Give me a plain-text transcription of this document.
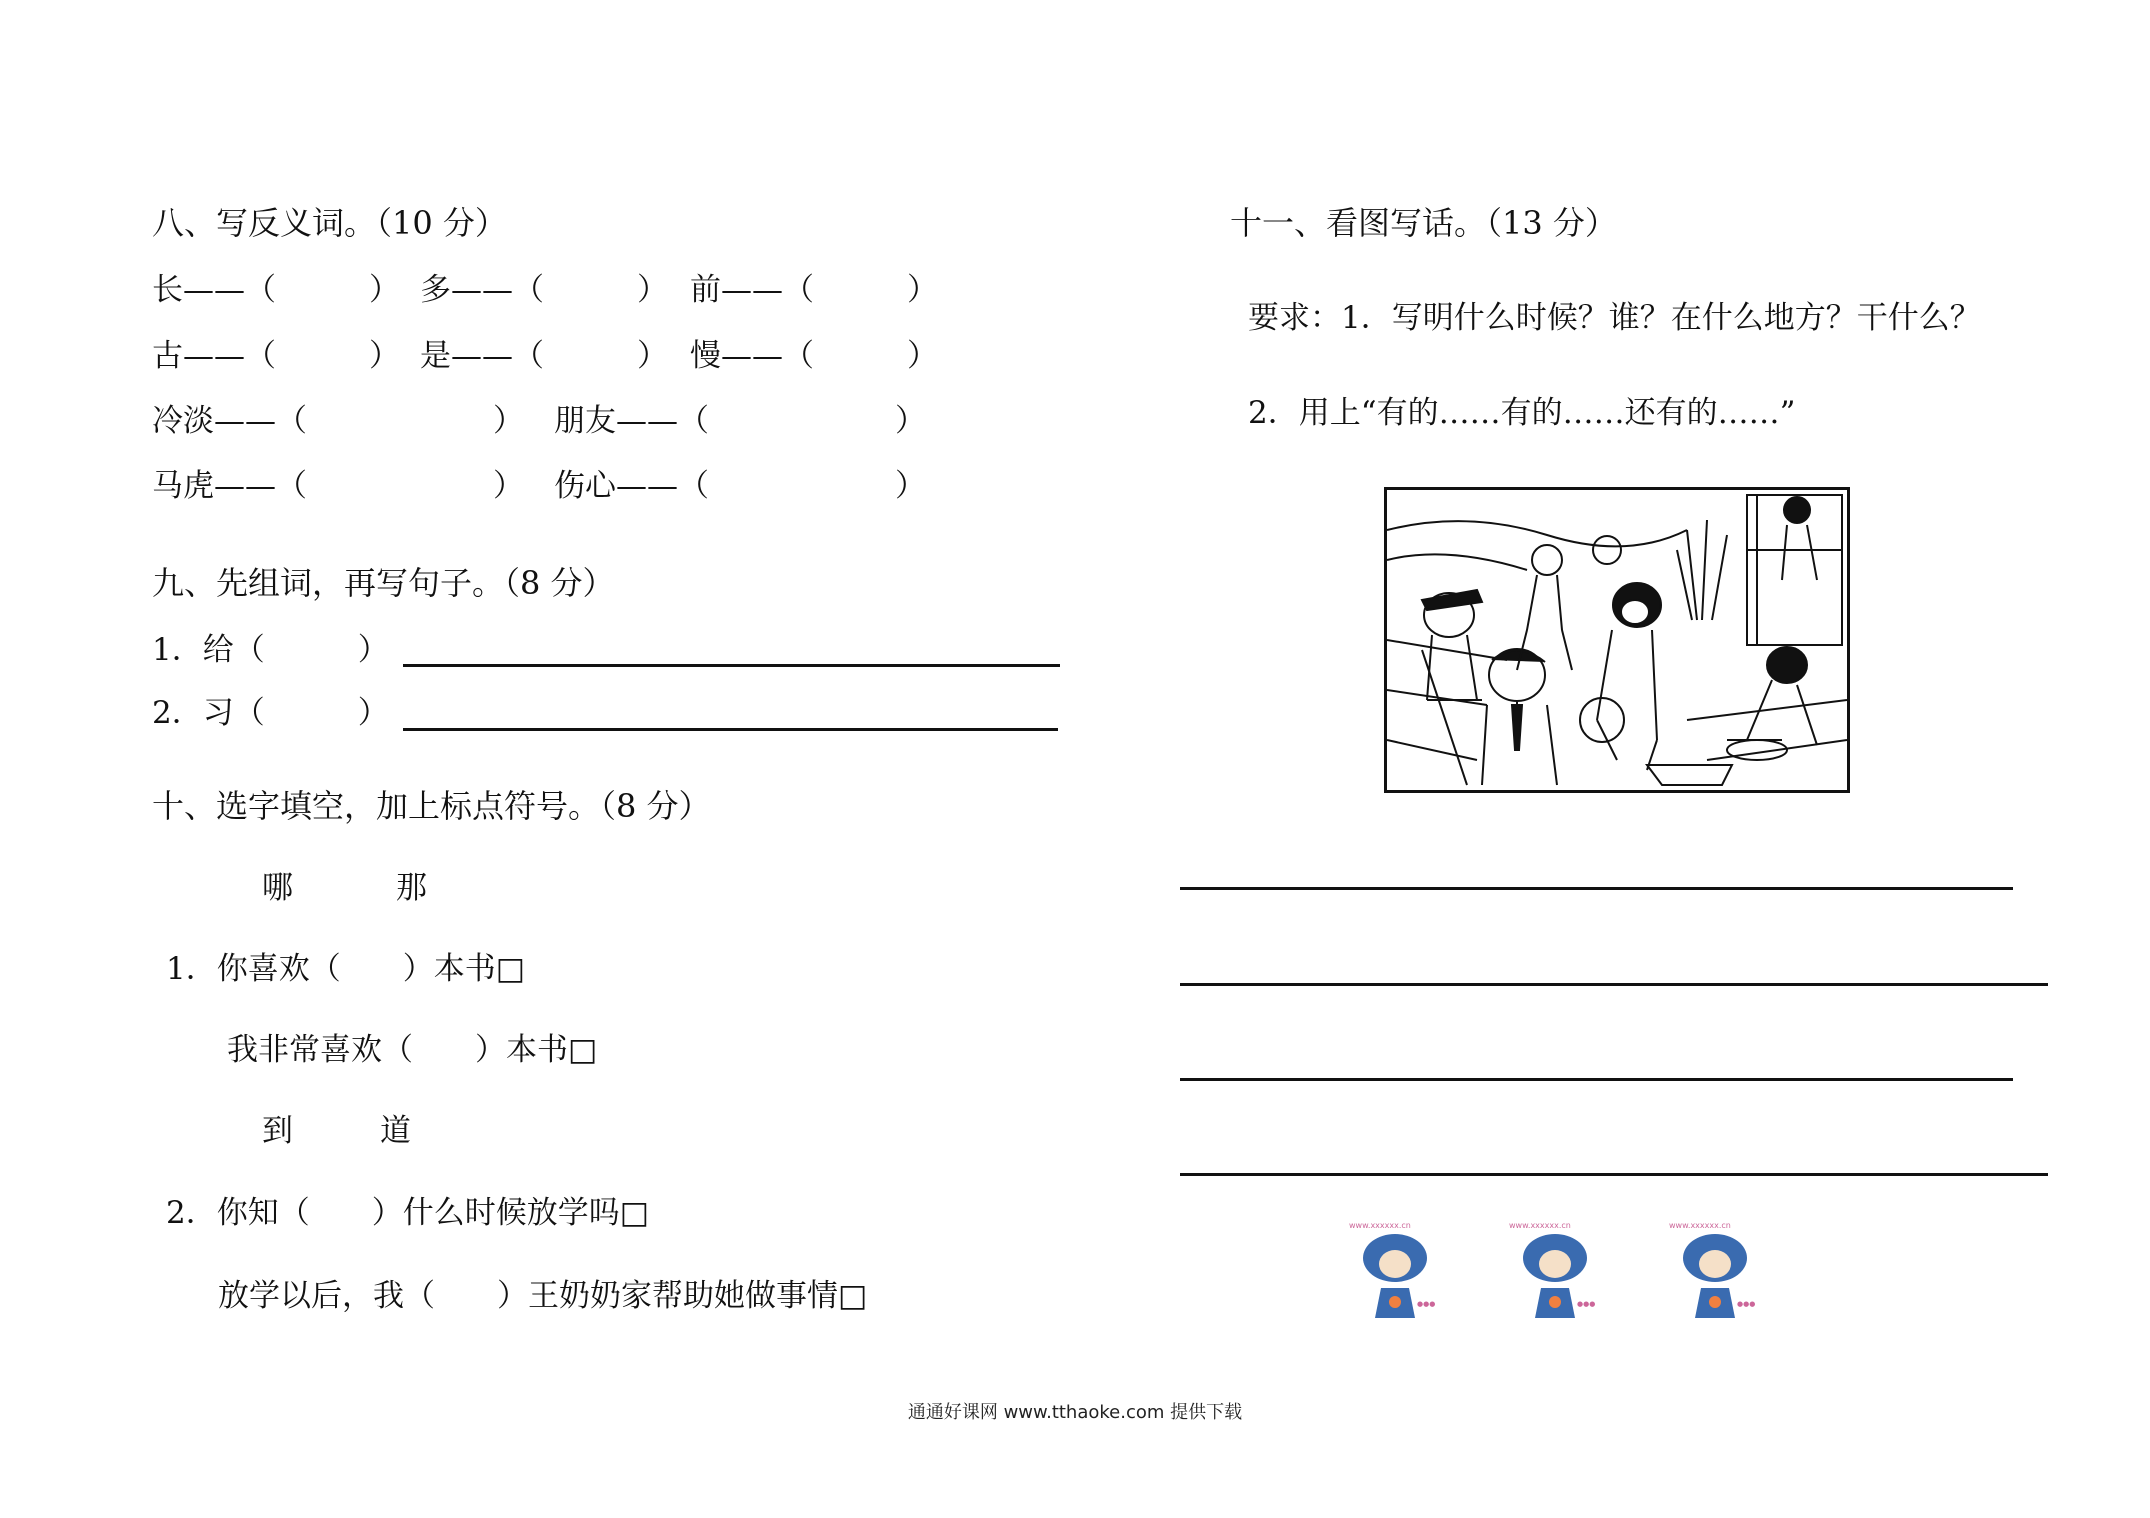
八、写反义词。（10 分）
长——（　　　） 多——（　　　） 前——（　　　）
古——（　　　） 是——（　　　） 慢——（　　　）
冷淡——（　　　　　　） 朋友——（　　　　　　）
马虎——（　　　　　　） 伤心——（　　　　　　）
九、先组词，再写句子。（8 分）
1．给（　　　）
2．习（　　　）
十、选字填空，加上标点符号。（8 分）
哪	那
1．你喜欢（　　）本书□
我非常喜欢（　　）本书□
到	道
2．你知（　　）什么时候放学吗□
放学以后，我（　　）王奶奶家帮助她做事情□
十一、看图写话。（13 分）
要求：1．写明什么时候？谁？在什么地方？干什么？
2．用上“有的……有的……还有的……”
www.xxxxxx.cn
●●●
www.xxxxxx.cn
●●●
www.xxxxxx.cn
●●●
通通好课网 www.tthaoke.com 提供下载
